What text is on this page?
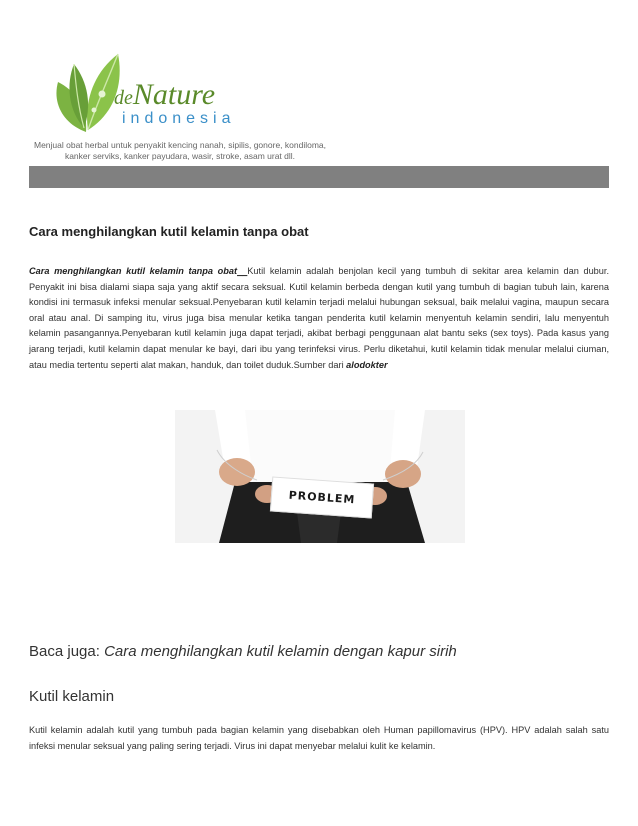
deNature
indonesia
Menjual obat herbal untuk penyakit kencing nanah, sipilis, gonore, kondiloma, kanker serviks, kanker payudara, wasir, stroke, asam urat dll.
Cara menghilangkan kutil kelamin tanpa obat

Cara menghilangkan kutil kelamin tanpa obat__Kutil kelamin adalah benjolan kecil yang tumbuh di sekitar area kelamin dan dubur. Penyakit ini bisa dialami siapa saja yang aktif secara seksual. Kutil kelamin berbeda dengan kutil yang tumbuh di bagian tubuh lain, karena kondisi ini termasuk infeksi menular seksual.Penyebaran kutil kelamin terjadi melalui hubungan seksual, baik melalui vagina, maupun secara oral atau anal. Di samping itu, virus juga bisa menular ketika tangan penderita kutil kelamin menyentuh kelamin sendiri, lalu menyentuh kelamin pasangannya.Penyebaran kutil kelamin juga dapat terjadi, akibat berbagi penggunaan alat bantu seks (sex toys). Pada kasus yang jarang terjadi, kutil kelamin dapat menular ke bayi, dari ibu yang terinfeksi virus. Perlu diketahui, kutil kelamin tidak menular melalui ciuman, atau media tertentu seperti alat makan, handuk, dan toilet duduk.Sumber dari alodokter

PROBLEM

Baca juga: Cara menghilangkan kutil kelamin dengan kapur sirih

Kutil kelamin

Kutil kelamin adalah kutil yang tumbuh pada bagian kelamin yang disebabkan oleh Human papillomavirus (HPV). HPV adalah salah satu infeksi menular seksual yang paling sering terjadi. Virus ini dapat menyebar melalui kulit ke kelamin.
